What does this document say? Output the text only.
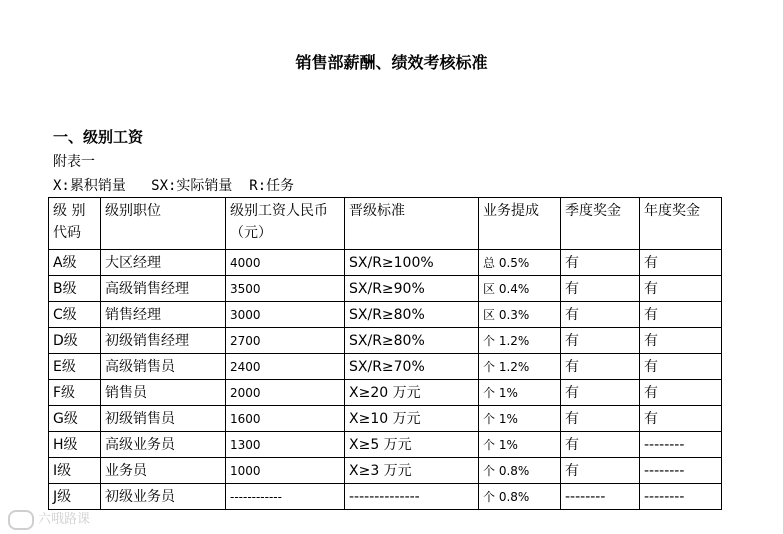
销售部薪酬、绩效考核标准
一、级别工资
附表一
X:累积销量   SX:实际销量  R:任务
级 别代码	级别职位	级别工资人民币（元）	晋级标准	业务提成	季度奖金	年度奖金
A级	大区经理	4000	SX/R≥100%	总 0.5%	有	有
B级	高级销售经理	3500	SX/R≥90%	区 0.4%	有	有
C级	销售经理	3000	SX/R≥80%	区 0.3%	有	有
D级	初级销售经理	2700	SX/R≥80%	个 1.2%	有	有
E级	高级销售员	2400	SX/R≥70%	个 1.2%	有	有
F级	销售员	2000	X≥20 万元	个 1%	有	有
G级	初级销售员	1600	X≥10 万元	个 1%	有	有
H级	高级业务员	1300	X≥5 万元	个 1%	有	--------
I级	业务员	1000	X≥3 万元	个 0.8%	有	--------
J级	初级业务员	------------	--------------	个 0.8%	--------	--------
六哦路课
